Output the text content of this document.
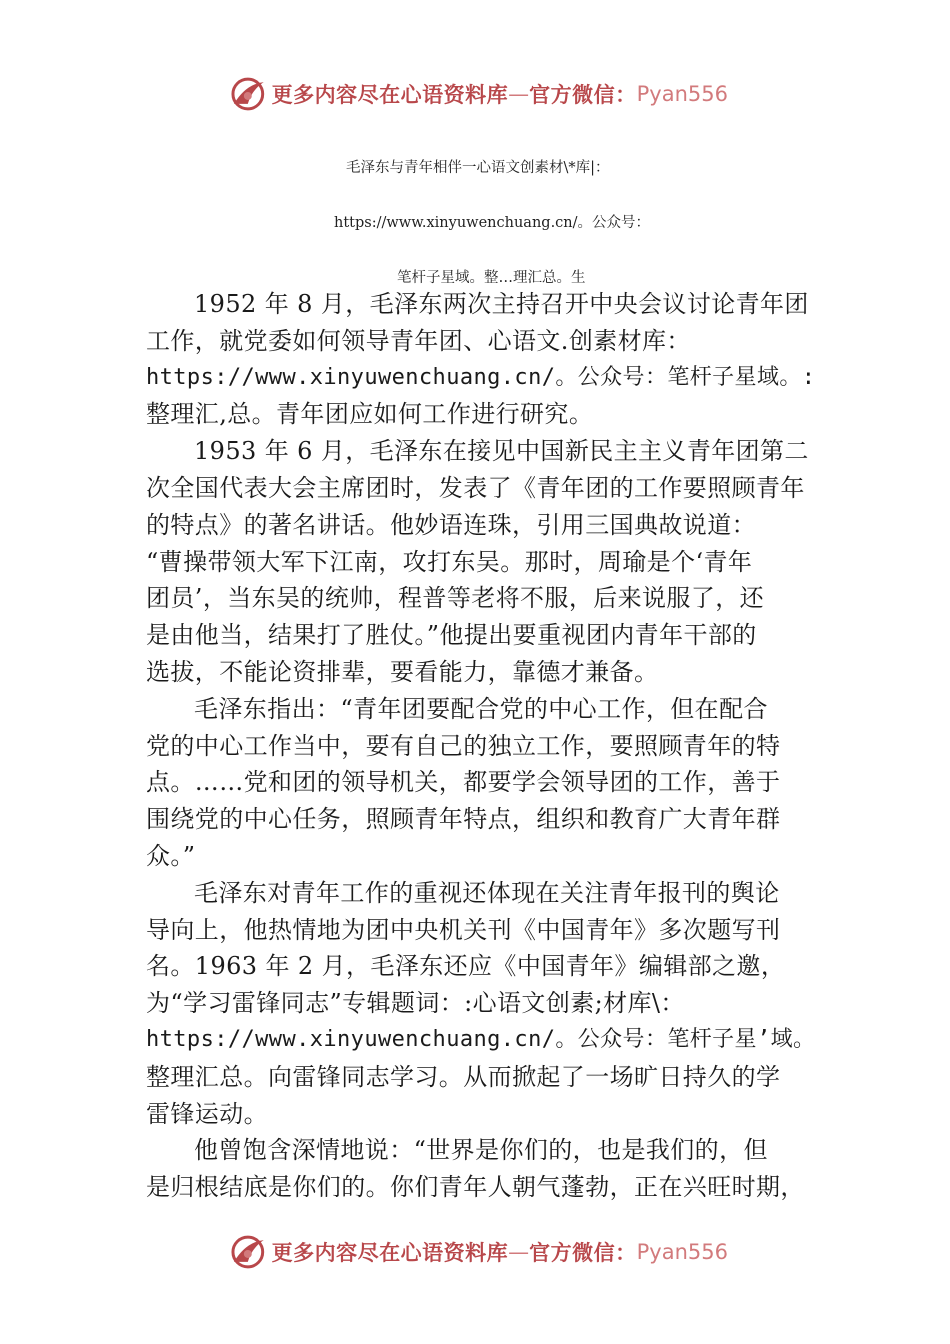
更多内容尽在心语资料库 — 官方微信： Pyan556
毛泽东与青年相伴一心语文创素材\*库|：
https://www.xinyuwenchuang.cn/。公众号：
笔杆子星域。整…理汇总。生

1952 年 8 月，毛泽东两次主持召开中央会议讨论青年团
工作，就党委如何领导青年团、心语文.创素材库：
https://www.xinyuwenchuang.cn/。公众号：笔杆子星域。:
整理汇,总。青年团应如何工作进行研究。

1953 年 6 月，毛泽东在接见中国新民主主义青年团第二
次全国代表大会主席团时，发表了《青年团的工作要照顾青年
的特点》的著名讲话。他妙语连珠，引用三国典故说道：
“曹操带领大军下江南，攻打东吴。那时，周瑜是个‘青年
团员’，当东吴的统帅，程普等老将不服，后来说服了，还
是由他当，结果打了胜仗。”他提出要重视团内青年干部的
选拔，不能论资排辈，要看能力，靠德才兼备。

毛泽东指出：“青年团要配合党的中心工作，但在配合
党的中心工作当中，要有自己的独立工作，要照顾青年的特
点。……党和团的领导机关，都要学会领导团的工作，善于
围绕党的中心任务，照顾青年特点，组织和教育广大青年群
众。”

毛泽东对青年工作的重视还体现在关注青年报刊的舆论
导向上，他热情地为团中央机关刊《中国青年》多次题写刊
名。1963 年 2 月，毛泽东还应《中国青年》编辑部之邀，
为“学习雷锋同志”专辑题词：:心语文创素;材库\：
https://www.xinyuwenchuang.cn/。公众号：笔杆子星’域。
整理汇总。向雷锋同志学习。从而掀起了一场旷日持久的学
雷锋运动。

他曾饱含深情地说：“世界是你们的，也是我们的，但
是归根结底是你们的。你们青年人朝气蓬勃，正在兴旺时期，

更多内容尽在心语资料库 — 官方微信： Pyan556
